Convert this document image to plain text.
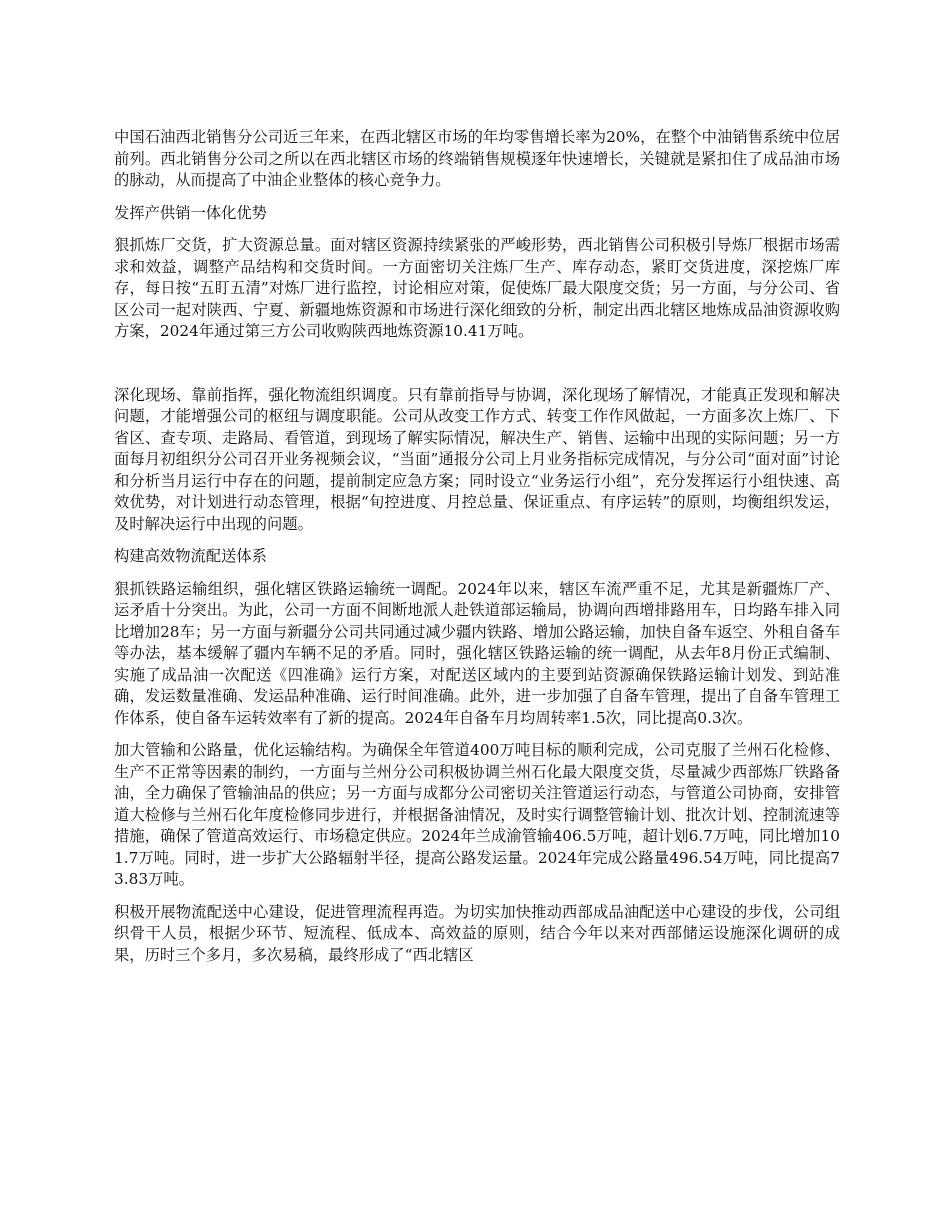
中国石油西北销售分公司近三年来，在西北辖区市场的年均零售增长率为20%，在整个中油销售系统中位居前列。西北销售分公司之所以在西北辖区市场的终端销售规模逐年快速增长，关键就是紧扣住了成品油市场的脉动，从而提高了中油企业整体的核心竞争力。

发挥产供销一体化优势

狠抓炼厂交货，扩大资源总量。面对辖区资源持续紧张的严峻形势，西北销售公司积极引导炼厂根据市场需求和效益，调整产品结构和交货时间。一方面密切关注炼厂生产、库存动态，紧盯交货进度，深挖炼厂库存，每日按“五盯五清”对炼厂进行监控，讨论相应对策，促使炼厂最大限度交货；另一方面，与分公司、省区公司一起对陕西、宁夏、新疆地炼资源和市场进行深化细致的分析，制定出西北辖区地炼成品油资源收购方案，2024年通过第三方公司收购陕西地炼资源10.41万吨。

深化现场、靠前指挥，强化物流组织调度。只有靠前指导与协调，深化现场了解情况，才能真正发现和解决问题，才能增强公司的枢纽与调度职能。公司从改变工作方式、转变工作作风做起，一方面多次上炼厂、下省区、查专项、走路局、看管道，到现场了解实际情况，解决生产、销售、运输中出现的实际问题；另一方面每月初组织分公司召开业务视频会议，“当面”通报分公司上月业务指标完成情况，与分公司“面对面”讨论和分析当月运行中存在的问题，提前制定应急方案；同时设立“业务运行小组”，充分发挥运行小组快速、高效优势，对计划进行动态管理，根据“旬控进度、月控总量、保证重点、有序运转”的原则，均衡组织发运，及时解决运行中出现的问题。

构建高效物流配送体系

狠抓铁路运输组织，强化辖区铁路运输统一调配。2024年以来，辖区车流严重不足，尤其是新疆炼厂产、运矛盾十分突出。为此，公司一方面不间断地派人赴铁道部运输局，协调向西增排路用车，日均路车排入同比增加28车；另一方面与新疆分公司共同通过减少疆内铁路、增加公路运输，加快自备车返空、外租自备车等办法，基本缓解了疆内车辆不足的矛盾。同时，强化辖区铁路运输的统一调配，从去年8月份正式编制、实施了成品油一次配送《四准确》运行方案，对配送区域内的主要到站资源确保铁路运输计划发、到站准确，发运数量准确、发运品种准确、运行时间准确。此外，进一步加强了自备车管理，提出了自备车管理工作体系，使自备车运转效率有了新的提高。2024年自备车月均周转率1.5次，同比提高0.3次。

加大管输和公路量，优化运输结构。为确保全年管道400万吨目标的顺利完成，公司克服了兰州石化检修、生产不正常等因素的制约，一方面与兰州分公司积极协调兰州石化最大限度交货，尽量减少西部炼厂铁路备油，全力确保了管输油品的供应；另一方面与成都分公司密切关注管道运行动态，与管道公司协商，安排管道大检修与兰州石化年度检修同步进行，并根据备油情况，及时实行调整管输计划、批次计划、控制流速等措施，确保了管道高效运行、市场稳定供应。2024年兰成渝管输406.5万吨，超计划6.7万吨，同比增加101.7万吨。同时，进一步扩大公路辐射半径，提高公路发运量。2024年完成公路量496.54万吨，同比提高73.83万吨。

积极开展物流配送中心建设，促进管理流程再造。为切实加快推动西部成品油配送中心建设的步伐，公司组织骨干人员，根据少环节、短流程、低成本、高效益的原则，结合今年以来对西部储运设施深化调研的成果，历时三个多月，多次易稿，最终形成了“西北辖区
